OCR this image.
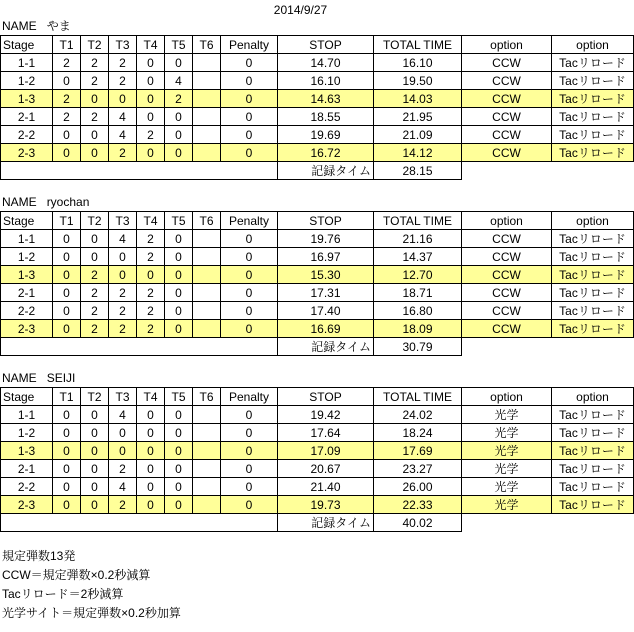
2014/9/27
NAME やま
Stage	T1	T2	T3	T4	T5	T6	Penalty	STOP	TOTAL TIME	option	option
1-1	2	2	2	0	0		0	14.70	16.10	CCW	Tacリロード
1-2	0	2	2	0	4		0	16.10	19.50	CCW	Tacリロード
1-3	2	0	0	0	2		0	14.63	14.03	CCW	Tacリロード
2-1	2	2	4	0	0		0	18.55	21.95	CCW	Tacリロード
2-2	0	0	4	2	0		0	19.69	21.09	CCW	Tacリロード
2-3	0	0	2	0	0		0	16.72	14.12	CCW	Tacリロード
								記録タイム	28.15		
NAME ryochan
Stage	T1	T2	T3	T4	T5	T6	Penalty	STOP	TOTAL TIME	option	option
1-1	0	0	4	2	0		0	19.76	21.16	CCW	Tacリロード
1-2	0	0	0	2	0		0	16.97	14.37	CCW	Tacリロード
1-3	0	2	0	0	0		0	15.30	12.70	CCW	Tacリロード
2-1	0	2	2	2	0		0	17.31	18.71	CCW	Tacリロード
2-2	0	2	2	2	0		0	17.40	16.80	CCW	Tacリロード
2-3	0	2	2	2	0		0	16.69	18.09	CCW	Tacリロード
								記録タイム	30.79		
NAME SEIJI
Stage	T1	T2	T3	T4	T5	T6	Penalty	STOP	TOTAL TIME	option	option
1-1	0	0	4	0	0		0	19.42	24.02	光学	Tacリロード
1-2	0	0	0	0	0		0	17.64	18.24	光学	Tacリロード
1-3	0	0	0	0	0		0	17.09	17.69	光学	Tacリロード
2-1	0	0	2	0	0		0	20.67	23.27	光学	Tacリロード
2-2	0	0	4	0	0		0	21.40	26.00	光学	Tacリロード
2-3	0	0	2	0	0		0	19.73	22.33	光学	Tacリロード
								記録タイム	40.02		
規定弾数13発
CCW＝規定弾数×0.2秒減算
Tacリロード＝2秒減算
光学サイト＝規定弾数×0.2秒加算
